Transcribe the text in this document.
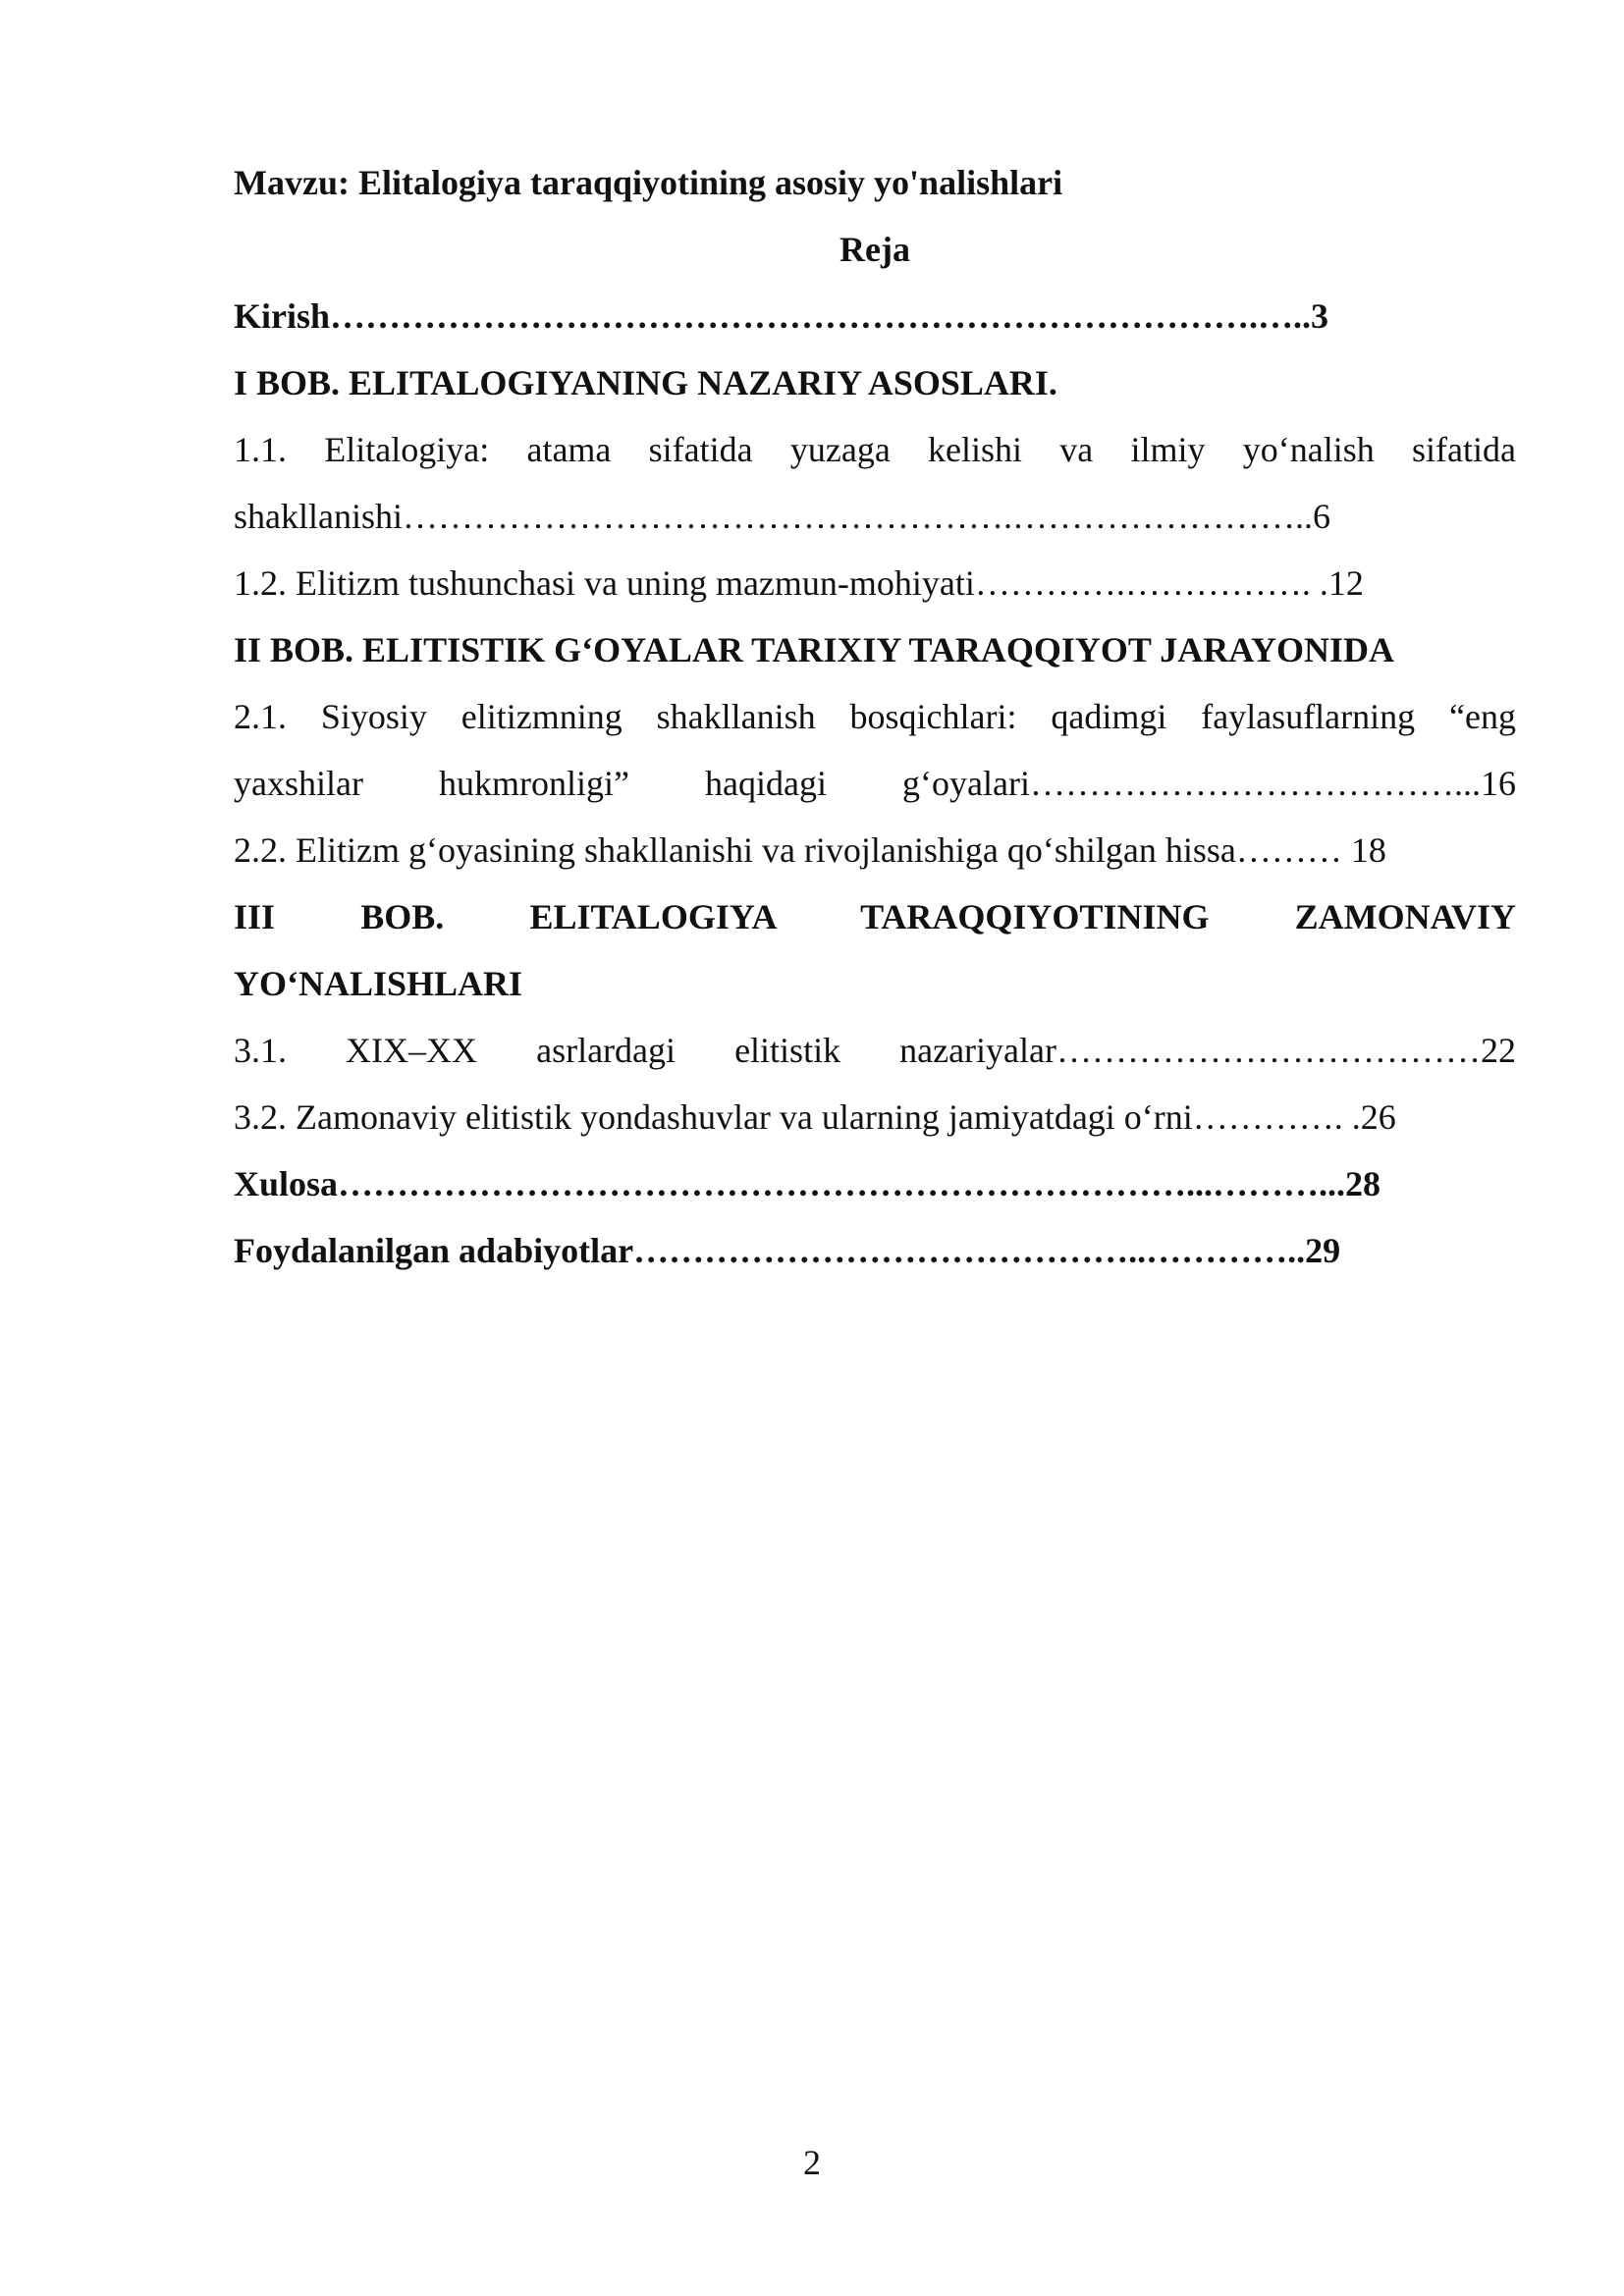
Mavzu: Elitalogiya taraqqiyotining asosiy yo'nalishlari

Reja

Kirish…………………………………………………………………….…..3

I BOB. ELITALOGIYANING NAZARIY ASOSLARI.

1.1. Elitalogiya: atama sifatida yuzaga kelishi va ilmiy yo‘nalish sifatida

shakllanishi…………………………………………….……………………..6

1.2. Elitizm tushunchasi va uning mazmun-mohiyati………….……………. .12

II BOB. ELITISTIK G‘OYALAR TARIXIY TARAQQIYOT JARAYONIDA

2.1. Siyosiy elitizmning shakllanish bosqichlari: qadimgi faylasuflarning “eng

yaxshilar hukmronligi” haqidagi g‘oyalari………………………………...16

2.2. Elitizm g‘oyasining shakllanishi va rivojlanishiga qo‘shilgan hissa……… 18

III BOB. ELITALOGIYA TARAQQIYOTINING ZAMONAVIY

YO‘NALISHLARI

3.1. XIX–XX asrlardagi elitistik nazariyalar………………………………22

3.2. Zamonaviy elitistik yondashuvlar va ularning jamiyatdagi o‘rni…………. .26

Xulosa………………………………………………………………...………...28

Foydalanilgan adabiyotlar……………………………………..…………..29

2
